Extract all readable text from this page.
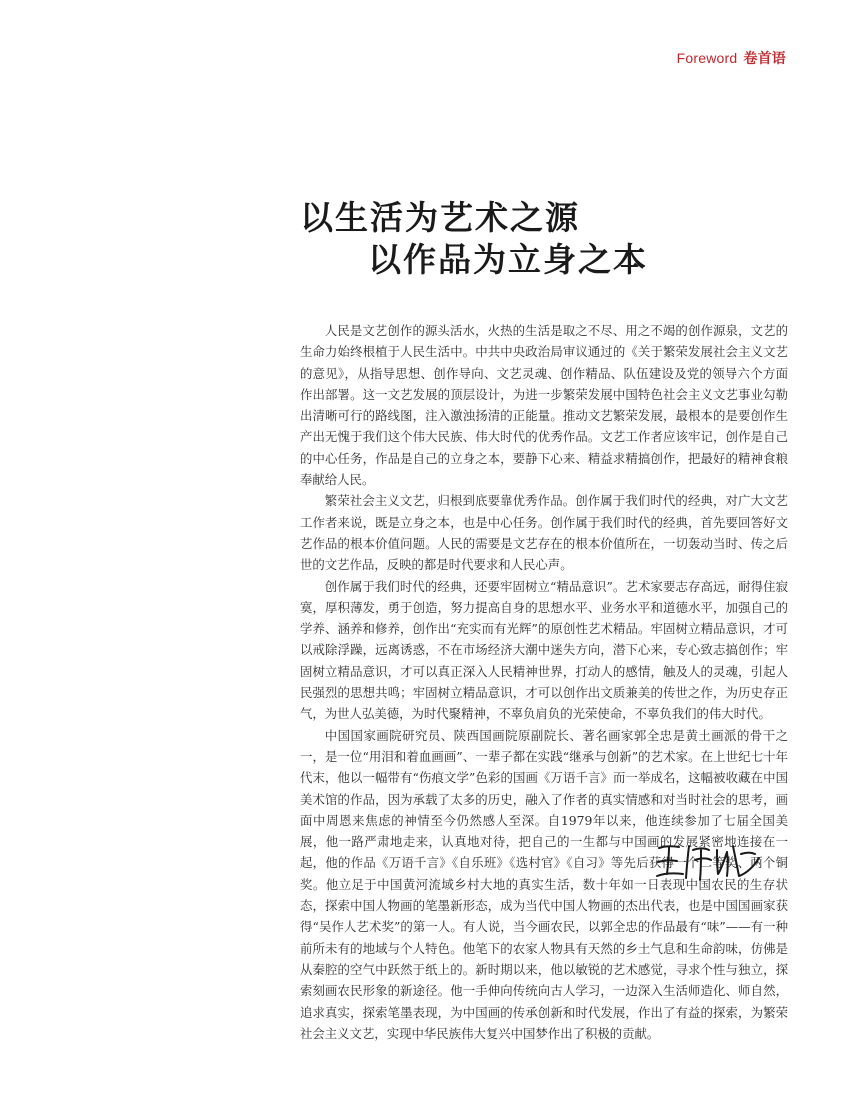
Foreword 卷首语
以生活为艺术之源
以作品为立身之本

人民是文艺创作的源头活水，火热的生活是取之不尽、用之不竭的创作源泉，文艺的生命力始终根植于人民生活中。中共中央政治局审议通过的《关于繁荣发展社会主义文艺的意见》，从指导思想、创作导向、文艺灵魂、创作精品、队伍建设及党的领导六个方面作出部署。这一文艺发展的顶层设计，为进一步繁荣发展中国特色社会主义文艺事业勾勒出清晰可行的路线图，注入激浊扬清的正能量。推动文艺繁荣发展，最根本的是要创作生产出无愧于我们这个伟大民族、伟大时代的优秀作品。文艺工作者应该牢记，创作是自己的中心任务，作品是自己的立身之本，要静下心来、精益求精搞创作，把最好的精神食粮奉献给人民。

繁荣社会主义文艺，归根到底要靠优秀作品。创作属于我们时代的经典，对广大文艺工作者来说，既是立身之本，也是中心任务。创作属于我们时代的经典，首先要回答好文艺作品的根本价值问题。人民的需要是文艺存在的根本价值所在，一切轰动当时、传之后世的文艺作品，反映的都是时代要求和人民心声。

创作属于我们时代的经典，还要牢固树立“精品意识”。艺术家要志存高远，耐得住寂寞，厚积薄发，勇于创造，努力提高自身的思想水平、业务水平和道德水平，加强自己的学养、涵养和修养，创作出“充实而有光辉”的原创性艺术精品。牢固树立精品意识，才可以戒除浮躁，远离诱惑，不在市场经济大潮中迷失方向，潜下心来，专心致志搞创作；牢固树立精品意识，才可以真正深入人民精神世界，打动人的感情，触及人的灵魂，引起人民强烈的思想共鸣；牢固树立精品意识，才可以创作出文质兼美的传世之作，为历史存正气，为世人弘美德，为时代聚精神，不辜负肩负的光荣使命，不辜负我们的伟大时代。

中国国家画院研究员、陕西国画院原副院长、著名画家郭全忠是黄土画派的骨干之一，是一位“用泪和着血画画”、一辈子都在实践“继承与创新”的艺术家。在上世纪七十年代末，他以一幅带有“伤痕文学”色彩的国画《万语千言》而一举成名，这幅被收藏在中国美术馆的作品，因为承载了太多的历史，融入了作者的真实情感和对当时社会的思考，画面中周恩来焦虑的神情至今仍然感人至深。自1979年以来，他连续参加了七届全国美展，他一路严肃地走来，认真地对待，把自己的一生都与中国画的发展紧密地连接在一起，他的作品《万语千言》《自乐班》《选村官》《自习》等先后获得一个二等奖、两个铜奖。他立足于中国黄河流域乡村大地的真实生活，数十年如一日表现中国农民的生存状态，探索中国人物画的笔墨新形态，成为当代中国人物画的杰出代表，也是中国国画家获得“吴作人艺术奖”的第一人。有人说，当今画农民，以郭全忠的作品最有“味”——有一种前所未有的地域与个人特色。他笔下的农家人物具有天然的乡土气息和生命韵味，仿佛是从秦腔的空气中跃然于纸上的。新时期以来，他以敏锐的艺术感觉，寻求个性与独立，探索刻画农民形象的新途径。他一手伸向传统向古人学习，一边深入生活师造化、师自然，追求真实，探索笔墨表现，为中国画的传承创新和时代发展，作出了有益的探索，为繁荣社会主义文艺，实现中华民族伟大复兴中国梦作出了积极的贡献。
